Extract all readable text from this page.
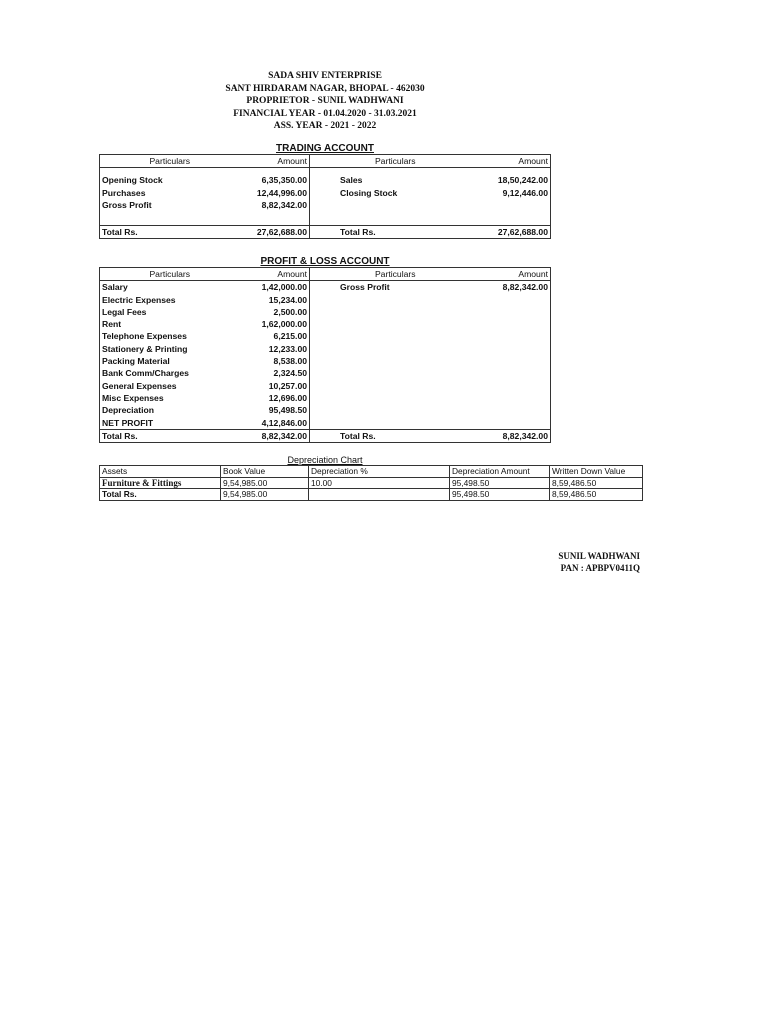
SADA SHIV ENTERPRISE
SANT HIRDARAM NAGAR, BHOPAL - 462030
PROPRIETOR - SUNIL WADHWANI
FINANCIAL YEAR - 01.04.2020 - 31.03.2021
ASS. YEAR - 2021 - 2022
TRADING ACCOUNT
Particulars	Amount	Particulars	Amount

Opening Stock	6,35,350.00	Sales	18,50,242.00
Purchases	12,44,996.00	Closing Stock	9,12,446.00
Gross Profit	8,82,342.00		

Total Rs.	27,62,688.00	Total Rs.	27,62,688.00
PROFIT & LOSS ACCOUNT
Particulars	Amount	Particulars	Amount
Salary	1,42,000.00	Gross Profit	8,82,342.00
Electric Expenses	15,234.00		
Legal Fees	2,500.00		
Rent	1,62,000.00		
Telephone Expenses	6,215.00		
Stationery & Printing	12,233.00		
Packing Material	8,538.00		
Bank Comm/Charges	2,324.50		
General Expenses	10,257.00		
Misc Expenses	12,696.00		
Depreciation	95,498.50		
NET PROFIT	4,12,846.00		
Total Rs.	8,82,342.00	Total Rs.	8,82,342.00
Depreciation Chart
Assets	Book Value	Depreciation %	Depreciation Amount	Written Down Value
Furniture & Fittings	9,54,985.00	10.00	95,498.50	8,59,486.50
Total Rs.	9,54,985.00		95,498.50	8,59,486.50
SUNIL WADHWANI
PAN : APBPV0411Q
